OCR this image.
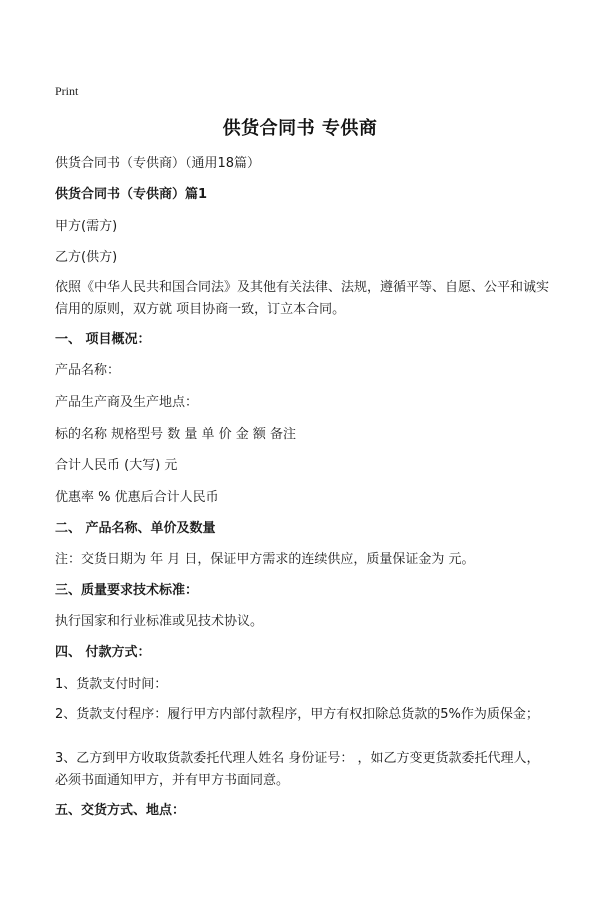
Print
供货合同书 专供商
供货合同书（专供商）（通用18篇）
供货合同书（专供商）篇1
甲方(需方)
乙方(供方)
依照《中华人民共和国合同法》及其他有关法律、法规，遵循平等、自愿、公平和诚实信用的原则，双方就 项目协商一致，订立本合同。
一、 项目概况：
产品名称：
产品生产商及生产地点：
标的名称 规格型号 数 量 单 价 金 额 备注
合计人民币 (大写) 元
优惠率 % 优惠后合计人民币
二、 产品名称、单价及数量
注：交货日期为 年 月 日，保证甲方需求的连续供应，质量保证金为 元。
三、质量要求技术标准：
执行国家和行业标准或见技术协议。
四、 付款方式：
1、货款支付时间：
2、货款支付程序：履行甲方内部付款程序，甲方有权扣除总货款的5%作为质保金；
3、乙方到甲方收取货款委托代理人姓名 身份证号： ，如乙方变更货款委托代理人，必须书面通知甲方，并有甲方书面同意。
五、交货方式、地点：
